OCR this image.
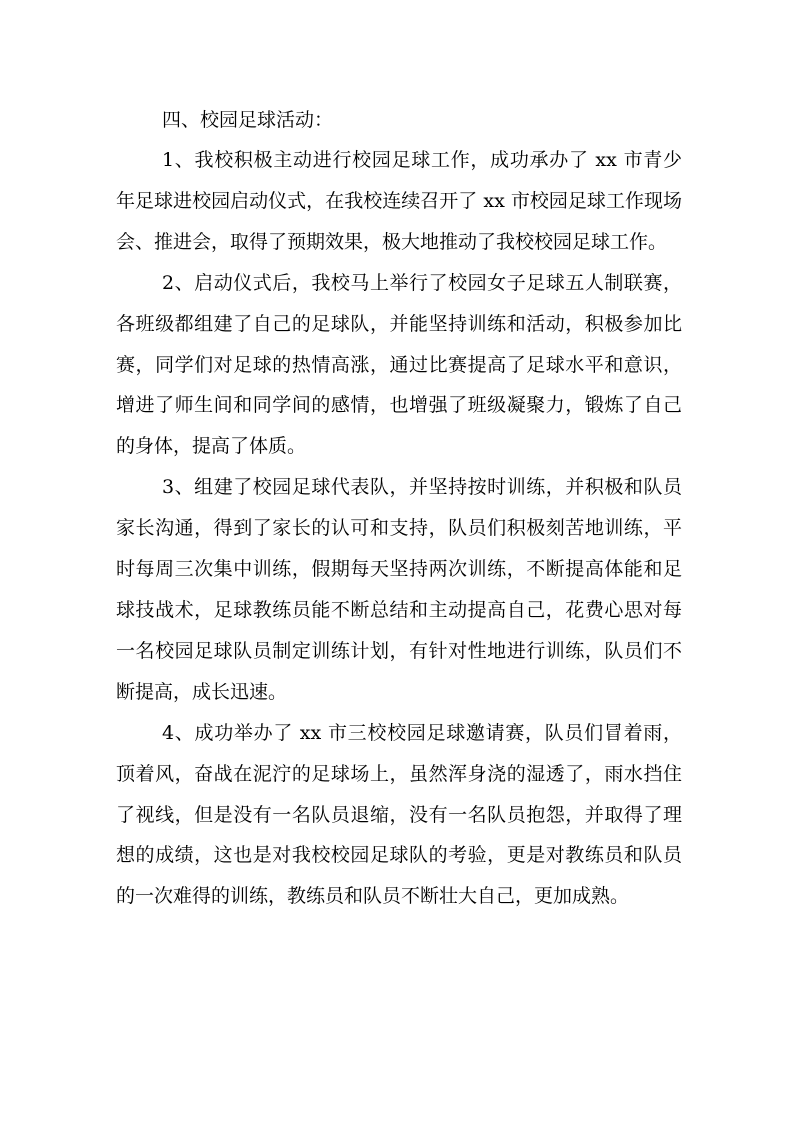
四、校园足球活动：

1、我校积极主动进行校园足球工作，成功承办了 xx 市青少年足球进校园启动仪式，在我校连续召开了 xx 市校园足球工作现场会、推进会，取得了预期效果，极大地推动了我校校园足球工作。

2、启动仪式后，我校马上举行了校园女子足球五人制联赛，各班级都组建了自己的足球队，并能坚持训练和活动，积极参加比赛，同学们对足球的热情高涨，通过比赛提高了足球水平和意识，增进了师生间和同学间的感情，也增强了班级凝聚力，锻炼了自己的身体，提高了体质。

3、组建了校园足球代表队，并坚持按时训练，并积极和队员家长沟通，得到了家长的认可和支持，队员们积极刻苦地训练，平时每周三次集中训练，假期每天坚持两次训练，不断提高体能和足球技战术，足球教练员能不断总结和主动提高自己，花费心思对每一名校园足球队员制定训练计划，有针对性地进行训练，队员们不断提高，成长迅速。

4、成功举办了 xx 市三校校园足球邀请赛，队员们冒着雨，顶着风，奋战在泥泞的足球场上，虽然浑身浇的湿透了，雨水挡住了视线，但是没有一名队员退缩，没有一名队员抱怨，并取得了理想的成绩，这也是对我校校园足球队的考验，更是对教练员和队员的一次难得的训练，教练员和队员不断壮大自己，更加成熟。
